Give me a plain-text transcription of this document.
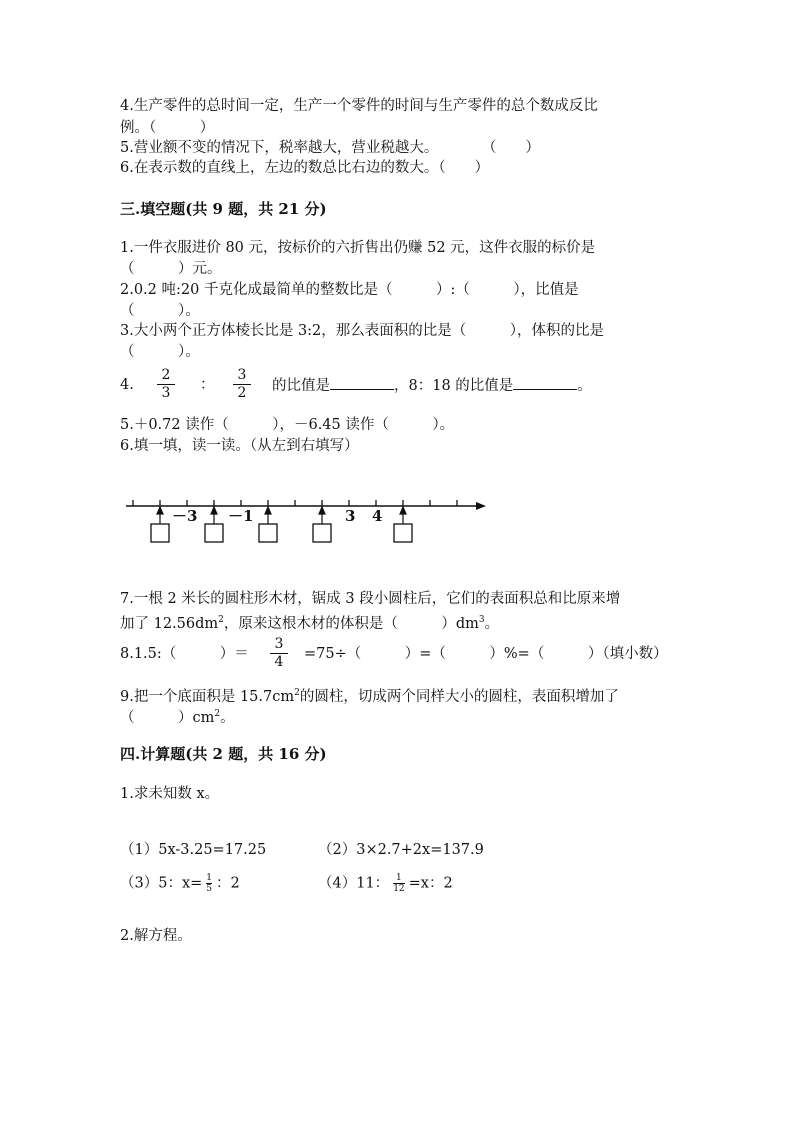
4.生产零件的总时间一定，生产一个零件的时间与生产零件的总个数成反比
例。（　　　）
5.营业额不变的情况下，税率越大，营业税越大。　　　　（　　）
6.在表示数的直线上，左边的数总比右边的数大。（　　）
三.填空题(共 9 题，共 21 分)
1.一件衣服进价 80 元，按标价的六折售出仍赚 52 元，这件衣服的标价是
（　　　）元。
2.0.2 吨:20 千克化成最简单的整数比是（　　　）:（　　　），比值是
（　　　）。
3.大小两个正方体棱长比是 3:2，那么表面积的比是（　　　），体积的比是
（　　　）。
4.
2
3	：
3
2	的比值是	，8：18 的比值是	。
5.＋0.72 读作（　　　），－6.45 读作（　　　）。
6.填一填，读一读。（从左到右填写）
－3 －1	3 4
7.一根 2 米长的圆柱形木材，锯成 3 段小圆柱后，它们的表面积总和比原来增
加了 $12.56dm^2$，原来这根木材的体积是（　　　）$dm^3$。
8.1.5:（　　　）＝
3
4	=75÷（　　　）=（　　　）%=（　　　）（填小数）
9.把一个底面积是 $15.7cm^2$的圆柱，切成两个同样大小的圆柱，表面积增加了
（　　　）$cm^2$。
四.计算题(共 2 题，共 16 分)
1.求未知数 x。
（1）5x-3.25=17.25	（2）3×2.7+2x=137.9
（3）5：$x= \frac{1}{5}$ ：2	（4）11： $\frac{1}{12} =x$：2
2.解方程。
